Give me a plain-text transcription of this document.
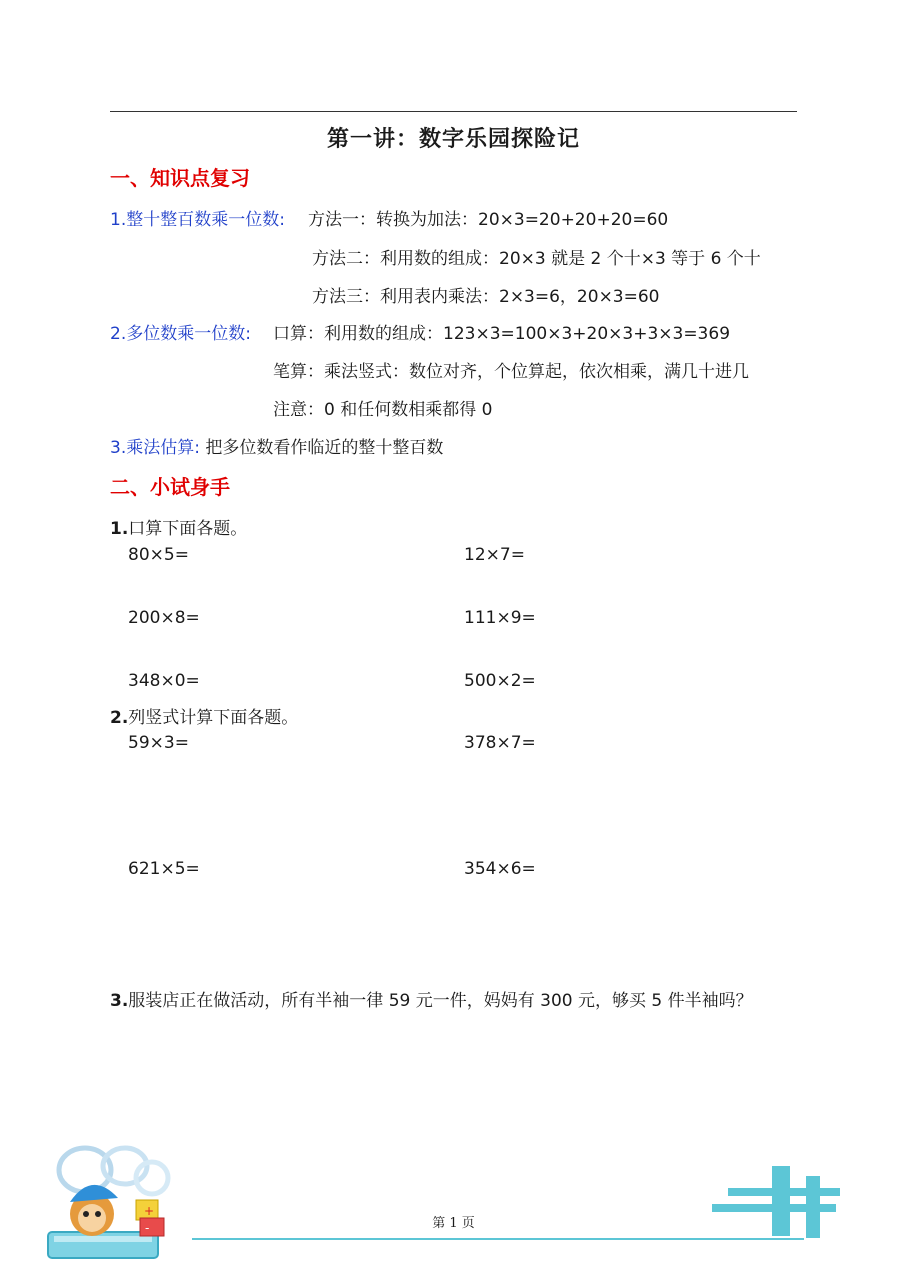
第一讲：数字乐园探险记
一、知识点复习
1.整十整百数乘一位数: 方法一：转换为加法：20×3=20+20+20=60
方法二：利用数的组成：20×3 就是 2 个十×3 等于 6 个十
方法三：利用表内乘法：2×3=6，20×3=60
2.多位数乘一位数: 口算：利用数的组成：123×3=100×3+20×3+3×3=369
笔算：乘法竖式：数位对齐，个位算起，依次相乘，满几十进几
注意：0 和任何数相乘都得 0
3.乘法估算: 把多位数看作临近的整十整百数
二、小试身手
1.口算下面各题。
80×5=	12×7=
200×8=	111×9=
348×0=	500×2=
2.列竖式计算下面各题。
59×3=	378×7=
621×5=	354×6=
3.服装店正在做活动，所有半袖一律 59 元一件，妈妈有 300 元，够买 5 件半袖吗？
+
-	第 1 页
